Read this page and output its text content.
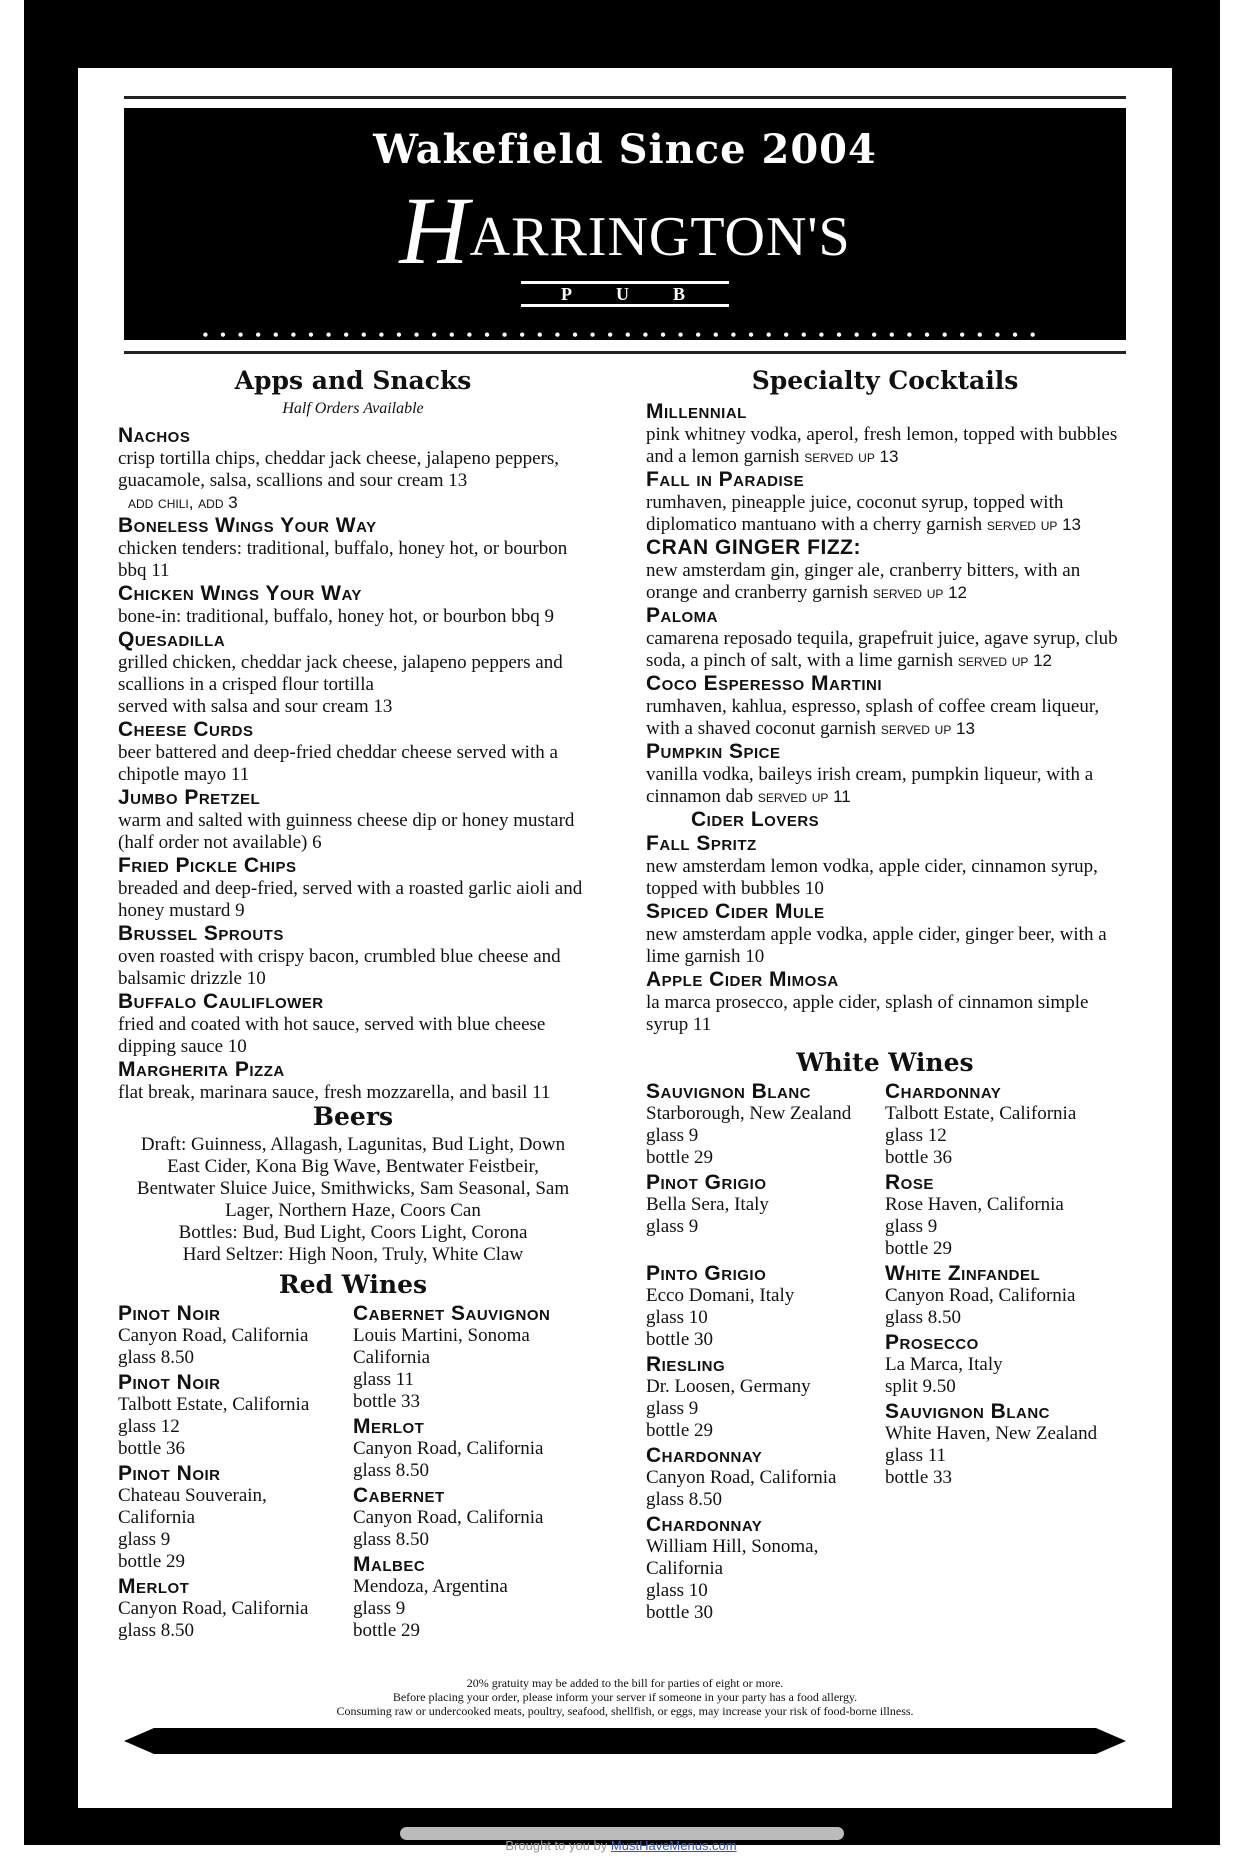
Wakefield Since 2004
HARRINGTON'S
PUB
••••••••••••••••••••••••••••••••••••••••••••••••
Apps and Snacks
Half Orders Available
Nachos
crisp tortilla chips, cheddar jack cheese, jalapeno peppers, guacamole, salsa, scallions and sour cream 13
add chili, add 3
Boneless Wings Your Way
chicken tenders: traditional, buffalo, honey hot, or bourbon bbq 11
Chicken Wings Your Way
bone-in: traditional, buffalo, honey hot, or bourbon bbq 9
Quesadilla
grilled chicken, cheddar jack cheese, jalapeno peppers and scallions in a crisped flour tortilla
served with salsa and sour cream 13
Cheese Curds
beer battered and deep-fried cheddar cheese served with a chipotle mayo 11
Jumbo Pretzel
warm and salted with guinness cheese dip or honey mustard (half order not available) 6
Fried Pickle Chips
breaded and deep-fried, served with a roasted garlic aioli and honey mustard 9
Brussel Sprouts
oven roasted with crispy bacon, crumbled blue cheese and balsamic drizzle 10
Buffalo Cauliflower
fried and coated with hot sauce, served with blue cheese dipping sauce 10
Margherita Pizza
flat break, marinara sauce, fresh mozzarella, and basil 11
Beers
Draft: Guinness, Allagash, Lagunitas, Bud Light, Down East Cider, Kona Big Wave, Bentwater Feistbeir, Bentwater Sluice Juice, Smithwicks, Sam Seasonal, Sam Lager, Northern Haze, Coors Can
Bottles: Bud, Bud Light, Coors Light, Corona
Hard Seltzer: High Noon, Truly, White Claw
Red Wines
Pinot Noir
Canyon Road, California
glass 8.50
Pinot Noir
Talbott Estate, California
glass 12
bottle 36
Pinot Noir
Chateau Souverain,
California
glass 9
bottle 29
Merlot
Canyon Road, California
glass 8.50
Cabernet Sauvignon
Louis Martini, Sonoma
California
glass 11
bottle 33
Merlot
Canyon Road, California
glass 8.50
Cabernet
Canyon Road, California
glass 8.50
Malbec
Mendoza, Argentina
glass 9
bottle 29
Specialty Cocktails
Millennial
pink whitney vodka, aperol, fresh lemon, topped with bubbles and a lemon garnish served up 13
Fall in Paradise
rumhaven, pineapple juice, coconut syrup, topped with diplomatico mantuano with a cherry garnish served up 13
CRAN GINGER FIZZ:
new amsterdam gin, ginger ale, cranberry bitters, with an orange and cranberry garnish served up 12
Paloma
camarena reposado tequila, grapefruit juice, agave syrup, club soda, a pinch of salt, with a lime garnish served up 12
Coco Esperesso Martini
rumhaven, kahlua, espresso, splash of coffee cream liqueur, with a shaved coconut garnish served up 13
Pumpkin Spice
vanilla vodka, baileys irish cream, pumpkin liqueur, with a cinnamon dab served up 11
Cider Lovers
Fall Spritz
new amsterdam lemon vodka, apple cider, cinnamon syrup, topped with bubbles 10
Spiced Cider Mule
new amsterdam apple vodka, apple cider, ginger beer, with a lime garnish 10
Apple Cider Mimosa
la marca prosecco, apple cider, splash of cinnamon simple syrup 11
White Wines
Sauvignon Blanc
Starborough, New Zealand
glass 9
bottle 29
Pinot Grigio
Bella Sera, Italy
glass 9
Pinto Grigio
Ecco Domani, Italy
glass 10
bottle 30
Riesling
Dr. Loosen, Germany
glass 9
bottle 29
Chardonnay
Canyon Road, California
glass 8.50
Chardonnay
William Hill, Sonoma,
California
glass 10
bottle 30
Chardonnay
Talbott Estate, California
glass 12
bottle 36
Rose
Rose Haven, California
glass 9
bottle 29
White Zinfandel
Canyon Road, California
glass 8.50
Prosecco
La Marca, Italy
split 9.50
Sauvignon Blanc
White Haven, New Zealand
glass 11
bottle 33
20% gratuity may be added to the bill for parties of eight or more.
Before placing your order, please inform your server if someone in your party has a food allergy.
Consuming raw or undercooked meats, poultry, seafood, shellfish, or eggs, may increase your risk of food-borne illness.
Brought to you by MustHaveMenus.com
